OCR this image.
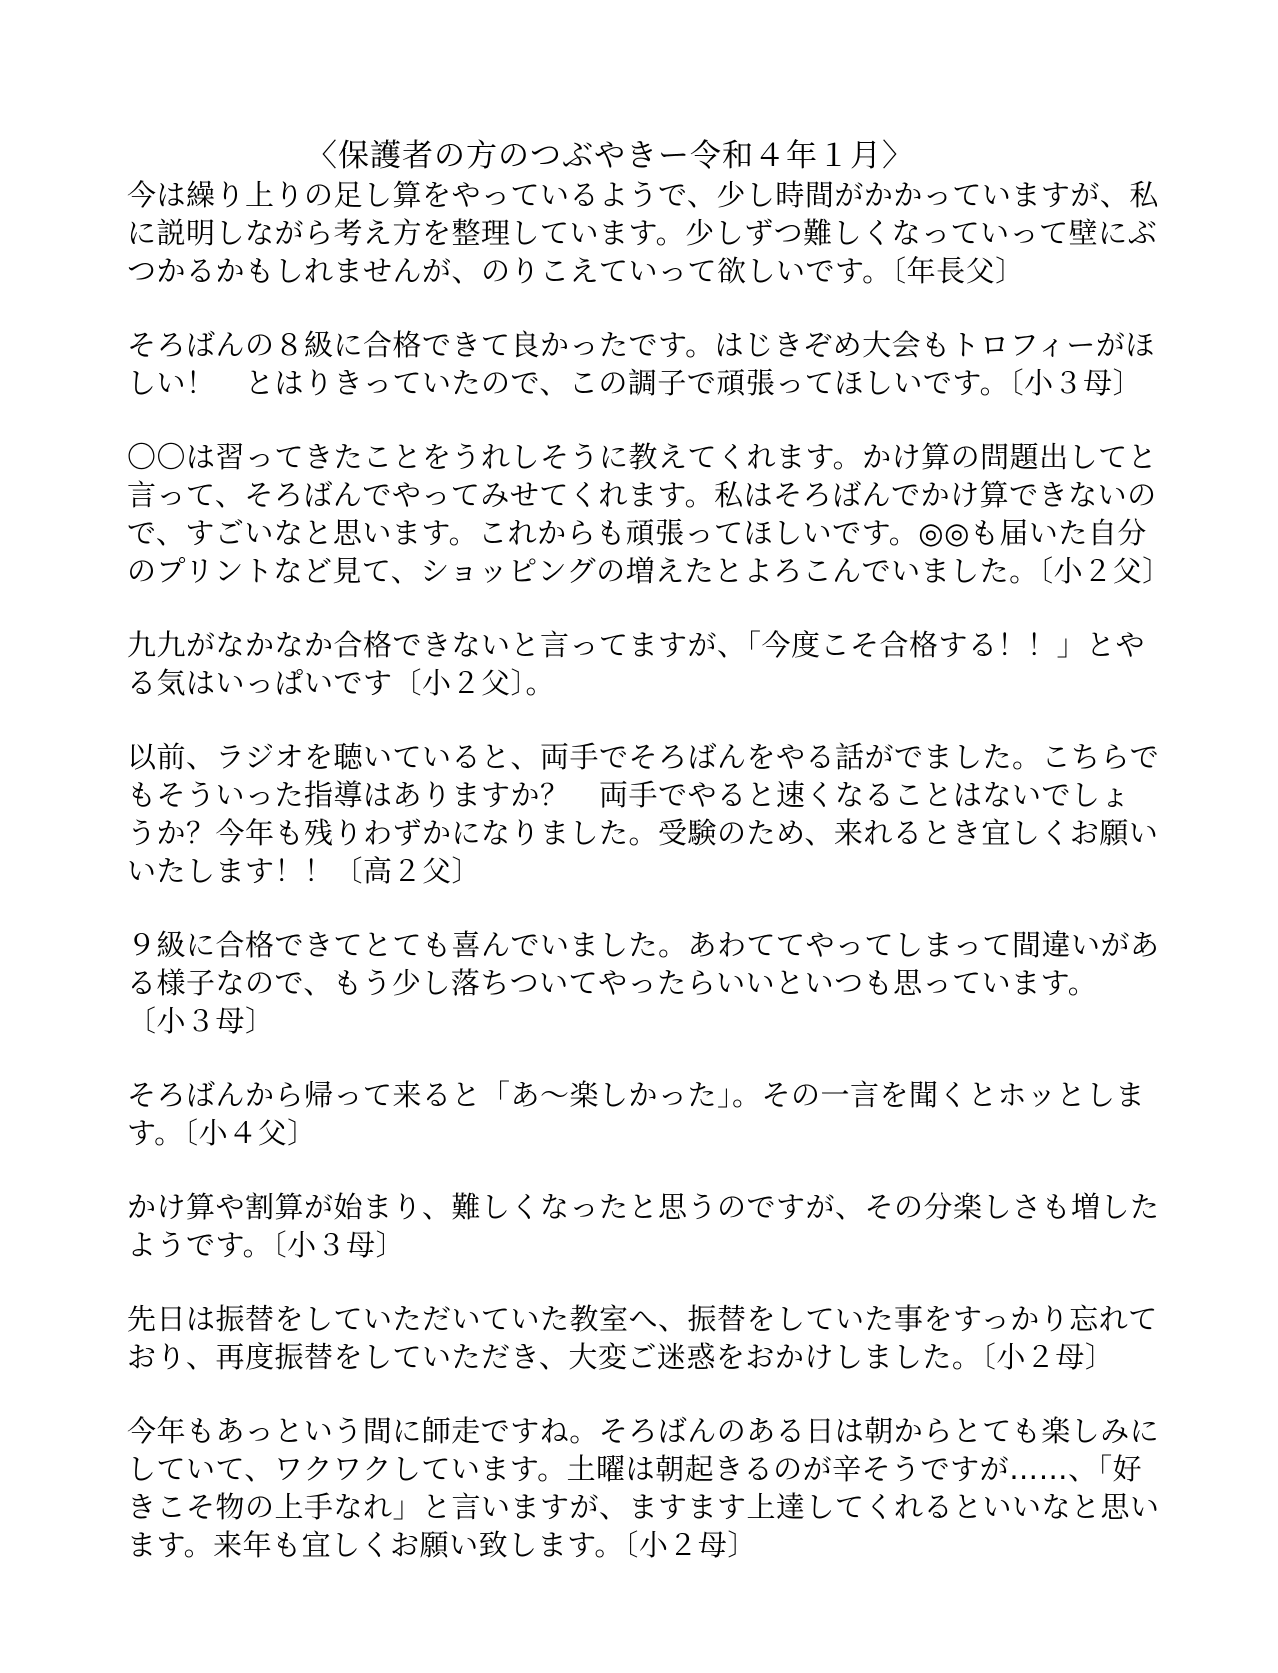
〈保護者の方のつぶやきー令和４年１月〉
今は繰り上りの足し算をやっているようで、少し時間がかかっていますが、私
に説明しながら考え方を整理しています。少しずつ難しくなっていって壁にぶ
つかるかもしれませんが、のりこえていって欲しいです。〔年長父〕
そろばんの８級に合格できて良かったです。はじきぞめ大会もトロフィーがほ
しい！　とはりきっていたので、この調子で頑張ってほしいです。〔小３母〕
〇〇は習ってきたことをうれしそうに教えてくれます。かけ算の問題出してと
言って、そろばんでやってみせてくれます。私はそろばんでかけ算できないの
で、すごいなと思います。これからも頑張ってほしいです。◎◎も届いた自分
のプリントなど見て、ショッピングの増えたとよろこんでいました。〔小２父〕
九九がなかなか合格できないと言ってますが、「今度こそ合格する！！」とや
る気はいっぱいです〔小２父〕。
以前、ラジオを聴いていると、両手でそろばんをやる話がでました。こちらで
もそういった指導はありますか？　両手でやると速くなることはないでしょ
うか？今年も残りわずかになりました。受験のため、来れるとき宜しくお願い
いたします！！〔高２父〕
９級に合格できてとても喜んでいました。あわててやってしまって間違いがあ
る様子なので、もう少し落ちついてやったらいいといつも思っています。
〔小３母〕
そろばんから帰って来ると「あ～楽しかった」。その一言を聞くとホッとしま
す。〔小４父〕
かけ算や割算が始まり、難しくなったと思うのですが、その分楽しさも増した
ようです。〔小３母〕
先日は振替をしていただいていた教室へ、振替をしていた事をすっかり忘れて
おり、再度振替をしていただき、大変ご迷惑をおかけしました。〔小２母〕
今年もあっという間に師走ですね。そろばんのある日は朝からとても楽しみに
していて、ワクワクしています。土曜は朝起きるのが辛そうですが……、「好
きこそ物の上手なれ」と言いますが、ますます上達してくれるといいなと思い
ます。来年も宜しくお願い致します。〔小２母〕
